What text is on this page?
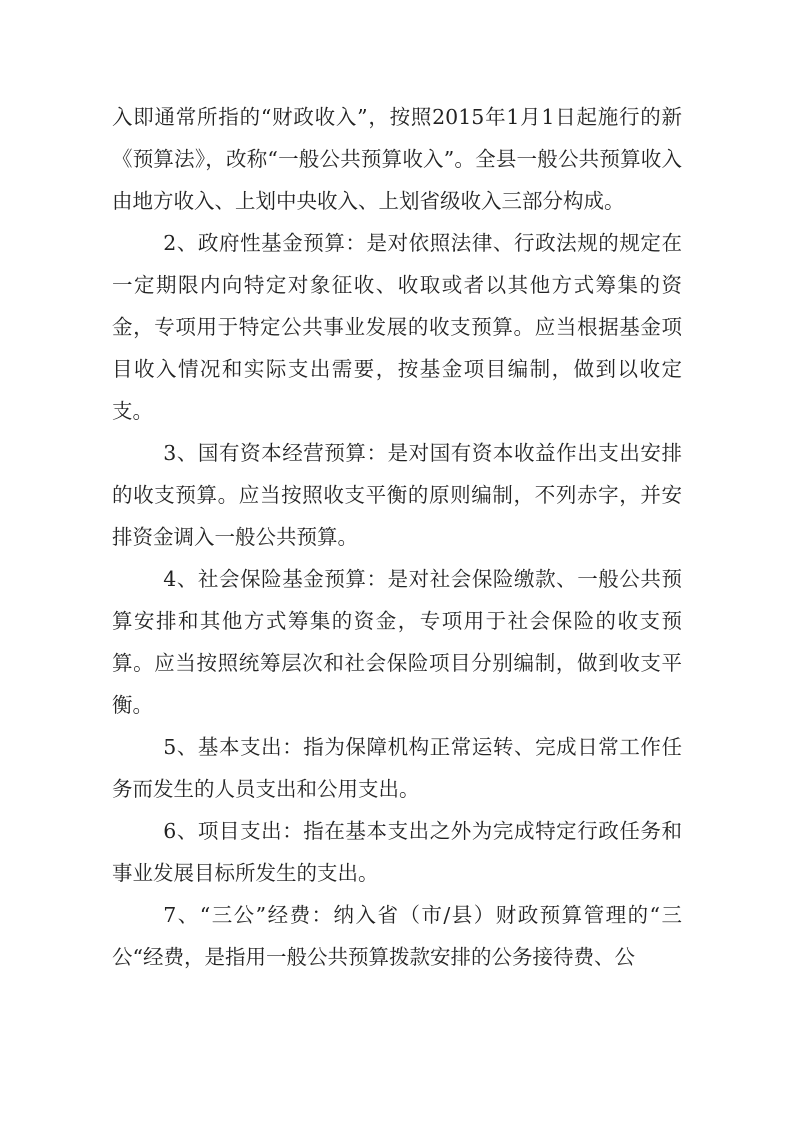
入即通常所指的“财政收入”，按照2015年1月1日起施行的新《预算法》，改称“一般公共预算收入”。全县一般公共预算收入由地方收入、上划中央收入、上划省级收入三部分构成。

2、政府性基金预算：是对依照法律、行政法规的规定在一定期限内向特定对象征收、收取或者以其他方式筹集的资金，专项用于特定公共事业发展的收支预算。应当根据基金项目收入情况和实际支出需要，按基金项目编制，做到以收定支。

3、国有资本经营预算：是对国有资本收益作出支出安排的收支预算。应当按照收支平衡的原则编制，不列赤字，并安排资金调入一般公共预算。

4、社会保险基金预算：是对社会保险缴款、一般公共预算安排和其他方式筹集的资金，专项用于社会保险的收支预算。应当按照统筹层次和社会保险项目分别编制，做到收支平衡。

5、基本支出：指为保障机构正常运转、完成日常工作任务而发生的人员支出和公用支出。

6、项目支出：指在基本支出之外为完成特定行政任务和事业发展目标所发生的支出。

7、“三公”经费：纳入省（市/县）财政预算管理的“三公“经费，是指用一般公共预算拨款安排的公务接待费、公
